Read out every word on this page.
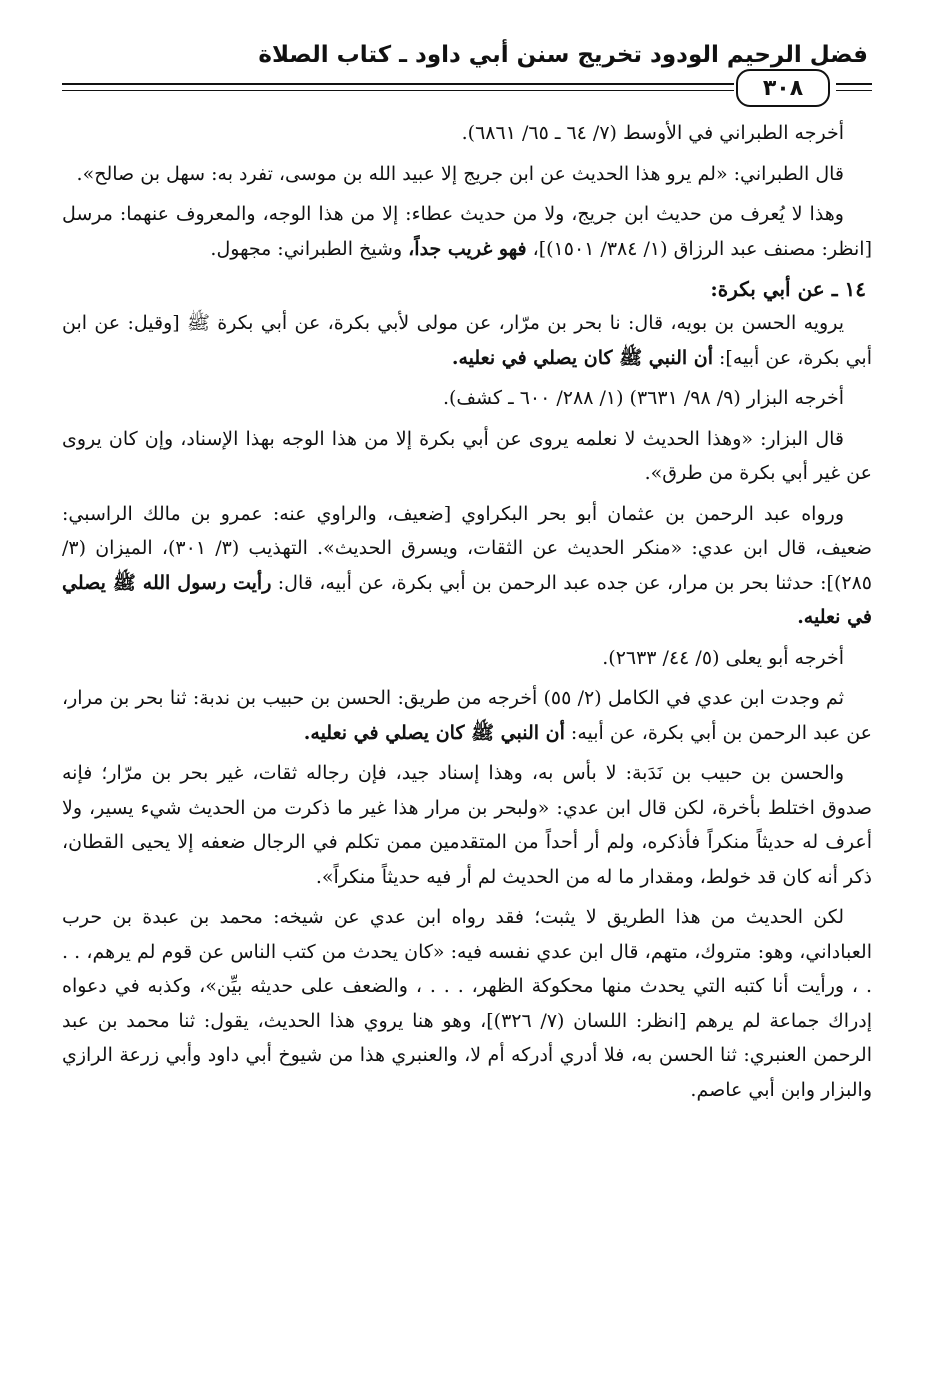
فضل الرحيم الودود تخريج سنن أبي داود ـ كتاب الصلاة
٣٠٨

أخرجه الطبراني في الأوسط (٧/ ٦٤ ـ ٦٥/ ٦٨٦١).

قال الطبراني: «لم يرو هذا الحديث عن ابن جريج إلا عبيد الله بن موسى، تفرد به: سهل بن صالح».

وهذا لا يُعرف من حديث ابن جريج، ولا من حديث عطاء: إلا من هذا الوجه، والمعروف عنهما: مرسل [انظر: مصنف عبد الرزاق (١/ ٣٨٤/ ١٥٠١)]، فهو غريب جداً، وشيخ الطبراني: مجهول.

١٤ ـ عن أبي بكرة:

يرويه الحسن بن بويه، قال: نا بحر بن مرّار، عن مولى لأبي بكرة، عن أبي بكرة ﷺ [وقيل: عن ابن أبي بكرة، عن أبيه]: أن النبي ﷺ كان يصلي في نعليه.

أخرجه البزار (٩/ ٩٨/ ٣٦٣١) (١/ ٢٨٨/ ٦٠٠ ـ كشف).

قال البزار: «وهذا الحديث لا نعلمه يروى عن أبي بكرة إلا من هذا الوجه بهذا الإسناد، وإن كان يروى عن غير أبي بكرة من طرق».

ورواه عبد الرحمن بن عثمان أبو بحر البكراوي [ضعيف، والراوي عنه: عمرو بن مالك الراسبي: ضعيف، قال ابن عدي: «منكر الحديث عن الثقات، ويسرق الحديث». التهذيب (٣/ ٣٠١)، الميزان (٣/ ٢٨٥)]: حدثنا بحر بن مرار، عن جده عبد الرحمن بن أبي بكرة، عن أبيه، قال: رأيت رسول الله ﷺ يصلي في نعليه.

أخرجه أبو يعلى (٥/ ٤٤/ ٢٦٣٣).

ثم وجدت ابن عدي في الكامل (٢/ ٥٥) أخرجه من طريق: الحسن بن حبيب بن ندبة: ثنا بحر بن مرار، عن عبد الرحمن بن أبي بكرة، عن أبيه: أن النبي ﷺ كان يصلي في نعليه.

والحسن بن حبيب بن نَدَبة: لا بأس به، وهذا إسناد جيد، فإن رجاله ثقات، غير بحر بن مرّار؛ فإنه صدوق اختلط بأخرة، لكن قال ابن عدي: «ولبحر بن مرار هذا غير ما ذكرت من الحديث شيء يسير، ولا أعرف له حديثاً منكراً فأذكره، ولم أر أحداً من المتقدمين ممن تكلم في الرجال ضعفه إلا يحيى القطان، ذكر أنه كان قد خولط، ومقدار ما له من الحديث لم أر فيه حديثاً منكراً».

لكن الحديث من هذا الطريق لا يثبت؛ فقد رواه ابن عدي عن شيخه: محمد بن عبدة بن حرب العباداني، وهو: متروك، متهم، قال ابن عدي نفسه فيه: «كان يحدث من كتب الناس عن قوم لم يرهم، . . . ، ورأيت أنا كتبه التي يحدث منها محكوكة الظهر، . . . ، والضعف على حديثه بيِّن»، وكذبه في دعواه إدراك جماعة لم يرهم [انظر: اللسان (٧/ ٣٢٦)]، وهو هنا يروي هذا الحديث، يقول: ثنا محمد بن عبد الرحمن العنبري: ثنا الحسن به، فلا أدري أدركه أم لا، والعنبري هذا من شيوخ أبي داود وأبي زرعة الرازي والبزار وابن أبي عاصم.
